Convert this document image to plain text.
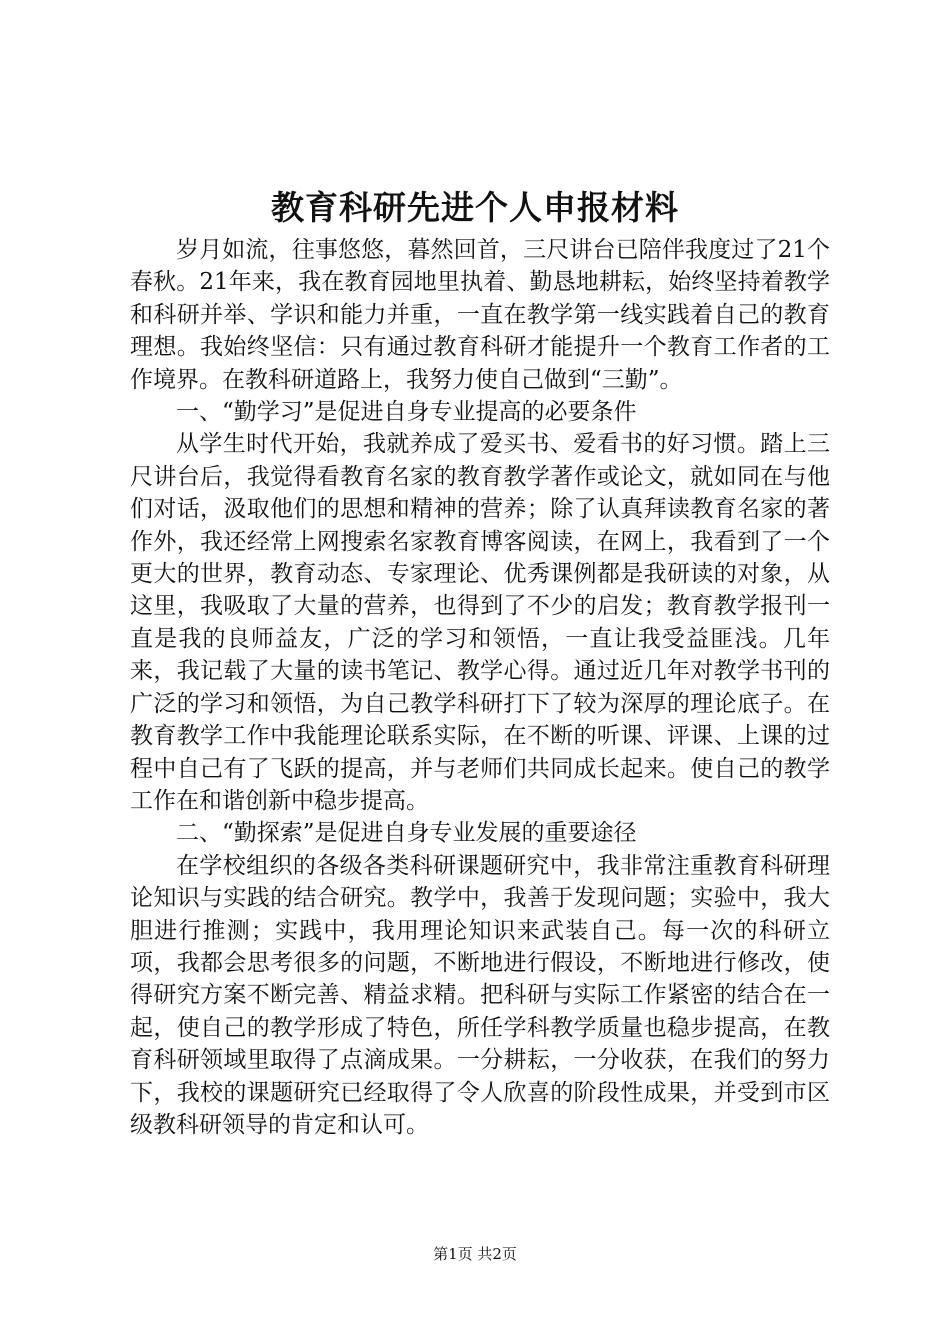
教育科研先进个人申报材料

岁月如流，往事悠悠，暮然回首，三尺讲台已陪伴我度过了21个春秋。21年来，我在教育园地里执着、勤恳地耕耘，始终坚持着教学和科研并举、学识和能力并重，一直在教学第一线实践着自己的教育理想。我始终坚信：只有通过教育科研才能提升一个教育工作者的工作境界。在教科研道路上，我努力使自己做到“三勤”。

一、“勤学习”是促进自身专业提高的必要条件

从学生时代开始，我就养成了爱买书、爱看书的好习惯。踏上三尺讲台后，我觉得看教育名家的教育教学著作或论文，就如同在与他们对话，汲取他们的思想和精神的营养；除了认真拜读教育名家的著作外，我还经常上网搜索名家教育博客阅读，在网上，我看到了一个更大的世界，教育动态、专家理论、优秀课例都是我研读的对象，从这里，我吸取了大量的营养，也得到了不少的启发；教育教学报刊一直是我的良师益友，广泛的学习和领悟，一直让我受益匪浅。几年来，我记载了大量的读书笔记、教学心得。通过近几年对教学书刊的广泛的学习和领悟，为自己教学科研打下了较为深厚的理论底子。在教育教学工作中我能理论联系实际，在不断的听课、评课、上课的过程中自己有了飞跃的提高，并与老师们共同成长起来。使自己的教学工作在和谐创新中稳步提高。

二、“勤探索”是促进自身专业发展的重要途径

在学校组织的各级各类科研课题研究中，我非常注重教育科研理论知识与实践的结合研究。教学中，我善于发现问题；实验中，我大胆进行推测；实践中，我用理论知识来武装自己。每一次的科研立项，我都会思考很多的问题，不断地进行假设，不断地进行修改，使得研究方案不断完善、精益求精。把科研与实际工作紧密的结合在一起，使自己的教学形成了特色，所任学科教学质量也稳步提高，在教育科研领域里取得了点滴成果。一分耕耘，一分收获，在我们的努力下，我校的课题研究已经取得了令人欣喜的阶段性成果，并受到市区级教科研领导的肯定和认可。

第1页 共2页
